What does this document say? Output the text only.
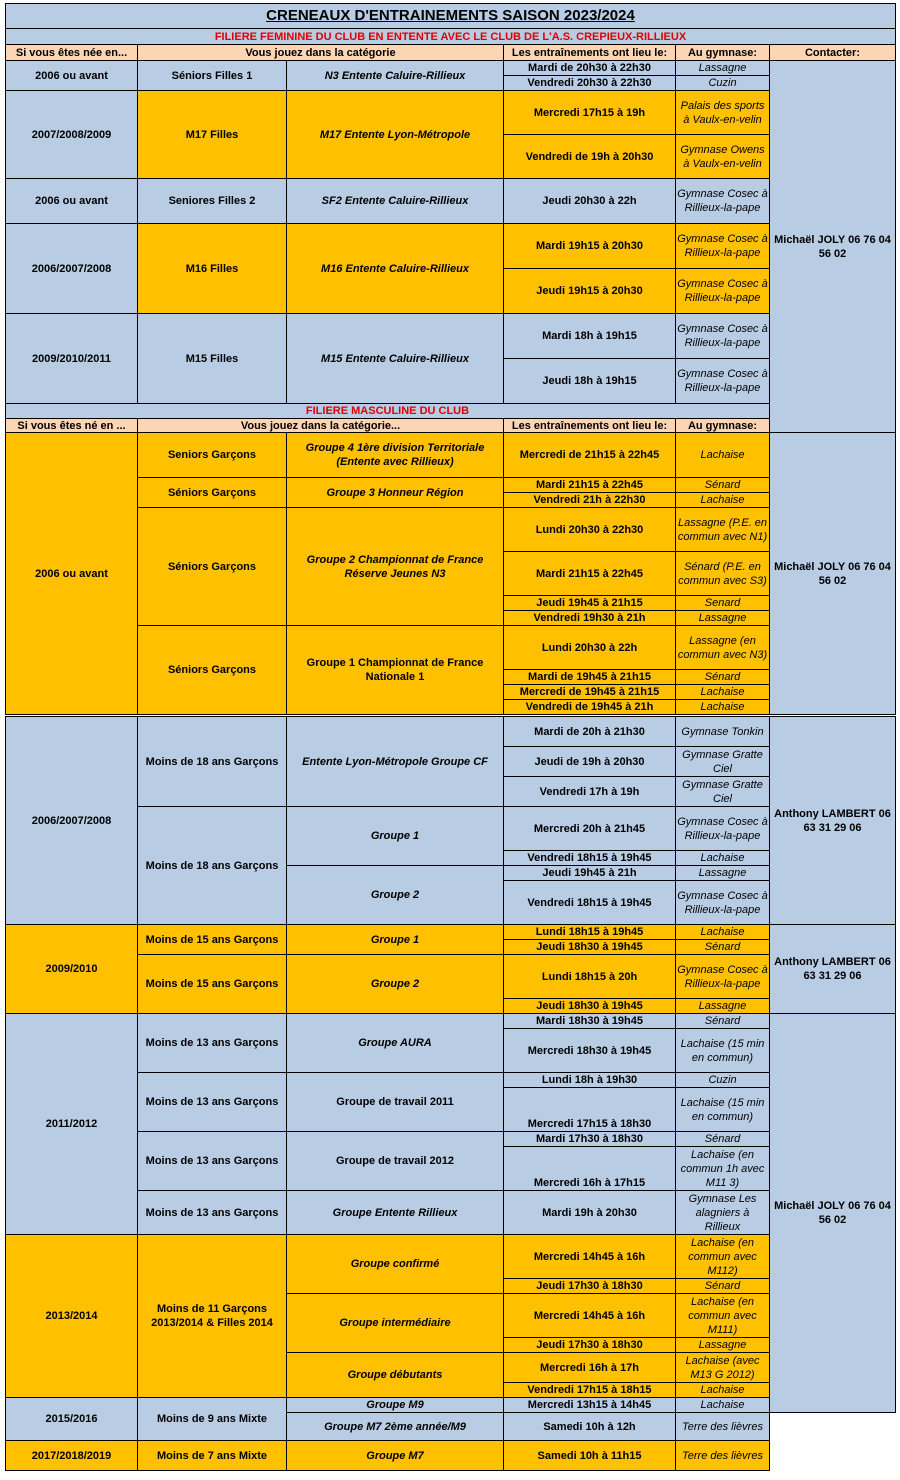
CRENEAUX D'ENTRAINEMENTS SAISON 2023/2024					
FILIERE FEMININE DU CLUB EN ENTENTE AVEC LE CLUB DE L'A.S. CREPIEUX-RILLIEUX					
Si vous êtes née en...	Vous jouez dans la catégorie		Les entraînements ont lieu le:	Au gymnase:	Contacter:
2006 ou avant	Séniors Filles 1	N3 Entente Caluire-Rillieux	Mardi de 20h30 à 22h30	Lassagne	Michaël JOLY 06 76 04 56 02
			Vendredi 20h30 à 22h30	Cuzin	
2007/2008/2009	M17 Filles	M17 Entente Lyon-Métropole	Mercredi 17h15 à 19h	Palais des sports à Vaulx-en-velin	
			Vendredi de 19h à 20h30	Gymnase Owens à Vaulx-en-velin	
2006 ou avant	Seniores Filles 2	SF2 Entente Caluire-Rillieux	Jeudi 20h30 à 22h	Gymnase Cosec à Rillieux-la-pape	
2006/2007/2008	M16 Filles	M16 Entente Caluire-Rillieux	Mardi 19h15 à 20h30	Gymnase Cosec à Rillieux-la-pape	
			Jeudi 19h15 à 20h30	Gymnase Cosec à Rillieux-la-pape	
2009/2010/2011	M15 Filles	M15 Entente Caluire-Rillieux	Mardi 18h à 19h15	Gymnase Cosec à Rillieux-la-pape	
			Jeudi 18h à 19h15	Gymnase Cosec à Rillieux-la-pape	
FILIERE MASCULINE DU CLUB					
Si vous êtes né en ...	Vous jouez dans la catégorie...		Les entraînements ont lieu le:	Au gymnase:	
2006 ou avant	Seniors Garçons	Groupe 4 1ère division Territoriale (Entente avec Rillieux)	Mercredi de 21h15 à 22h45	Lachaise	Michaël JOLY 06 76 04 56 02
	Séniors Garçons	Groupe 3 Honneur Région	Mardi 21h15 à 22h45	Sénard	
			Vendredi 21h à 22h30	Lachaise	
	Séniors Garçons	Groupe 2 Championnat de France Réserve Jeunes N3	Lundi 20h30 à 22h30	Lassagne (P.E. en commun avec N1)	
			Mardi 21h15 à 22h45	Sénard (P.E. en commun avec S3)	
			Jeudi 19h45 à 21h15	Senard	
			Vendredi 19h30 à 21h	Lassagne	
	Séniors Garçons	Groupe 1 Championnat de France Nationale 1	Lundi 20h30 à 22h	Lassagne (en commun avec N3)	
			Mardi de 19h45 à 21h15	Sénard	
			Mercredi de 19h45 à 21h15	Lachaise	
			Vendredi de 19h45 à 21h	Lachaise	
2006/2007/2008	Moins de 18 ans Garçons	Entente Lyon-Métropole Groupe CF	Mardi de 20h à 21h30	Gymnase Tonkin	Anthony LAMBERT 06 63 31 29 06
			Jeudi de 19h à 20h30	Gymnase Gratte Ciel	
			Vendredi 17h à 19h	Gymnase Gratte Ciel	
	Moins de 18 ans Garçons	Groupe 1	Mercredi 20h à 21h45	Gymnase Cosec à Rillieux-la-pape	
			Vendredi 18h15 à 19h45	Lachaise	
		Groupe 2	Jeudi 19h45 à 21h	Lassagne	
			Vendredi 18h15 à 19h45	Gymnase Cosec à Rillieux-la-pape	
2009/2010	Moins de 15 ans Garçons	Groupe 1	Lundi 18h15 à 19h45	Lachaise	Anthony LAMBERT 06 63 31 29 06
			Jeudi 18h30 à 19h45	Sénard	
	Moins de 15 ans Garçons	Groupe 2	Lundi 18h15 à 20h	Gymnase Cosec à Rillieux-la-pape	
			Jeudi 18h30 à 19h45	Lassagne	
2011/2012	Moins de 13 ans Garçons	Groupe AURA	Mardi 18h30 à 19h45	Sénard	Michaël JOLY 06 76 04 56 02
			Mercredi 18h30 à 19h45	Lachaise (15 min en commun)	
	Moins de 13 ans Garçons	Groupe de travail 2011	Lundi 18h à 19h30	Cuzin	
			Mercredi 17h15 à 18h30	Lachaise (15 min en commun)	
	Moins de 13 ans Garçons	Groupe de travail 2012	Mardi 17h30 à 18h30	Sénard	
			Mercredi 16h à 17h15	Lachaise (en commun 1h avec M11 3)	
	Moins de 13 ans Garçons	Groupe Entente Rillieux	Mardi 19h à 20h30	Gymnase Les alagniers à Rillieux	
2013/2014	Moins de 11 Garçons 2013/2014 & Filles 2014	Groupe confirmé	Mercredi 14h45 à 16h	Lachaise (en commun avec M112)	
			Jeudi 17h30 à 18h30	Sénard	
		Groupe intermédiaire	Mercredi 14h45 à 16h	Lachaise (en commun avec M111)	
			Jeudi 17h30 à 18h30	Lassagne	
		Groupe débutants	Mercredi 16h à 17h	Lachaise (avec M13 G 2012)	
			Vendredi 17h15 à 18h15	Lachaise	
2015/2016	Moins de 9 ans Mixte	Groupe M9	Mercredi 13h15 à 14h45	Lachaise	
		Groupe M7 2ème année/M9	Samedi 10h à 12h	Terre des lièvres	
2017/2018/2019	Moins de 7 ans Mixte	Groupe M7	Samedi 10h à 11h15	Terre des lièvres	
